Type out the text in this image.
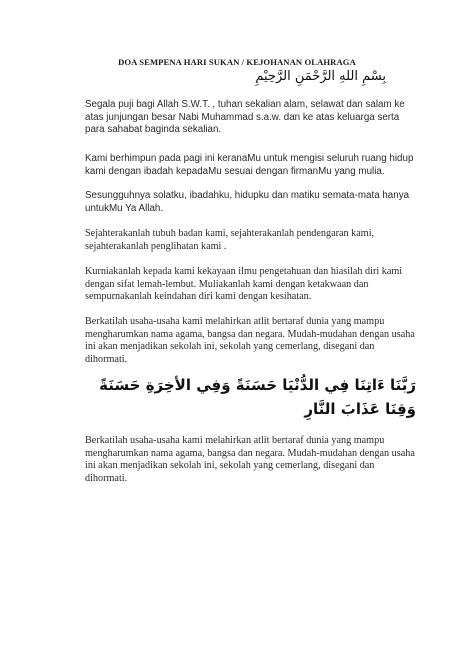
DOA SEMPENA HARI SUKAN / KEJOHANAN OLAHRAGA
بِسْمِ اللهِ الرَّحْمَنِ الرَّحِيْمِ

Segala puji bagi Allah S.W.T. , tuhan sekalian alam, selawat dan salam ke atas junjungan besar Nabi Muhammad s.a.w. dan ke atas keluarga serta para sahabat baginda sekalian.

Kami berhimpun pada pagi ini keranaMu untuk mengisi seluruh ruang hidup kami dengan ibadah kepadaMu sesuai dengan firmanMu yang mulia.

Sesungguhnya solatku, ibadahku, hidupku dan matiku semata-mata hanya untukMu Ya Allah.

Sejahterakanlah tubuh badan kami, sejahterakanlah pendengaran kami, sejahterakanlah penglihatan kami .

Kurniakanlah kepada kami kekayaan ilmu pengetahuan dan hiasilah diri kami dengan sifat lemah-lembut. Muliakanlah kami dengan ketakwaan dan sempurnakanlah keindahan diri kami dengan kesihatan.

Berkatilah usaha-usaha kami melahirkan atlit bertaraf dunia yang mampu mengharumkan nama agama, bangsa dan negara. Mudah-mudahan dengan usaha ini akan menjadikan sekolah ini, sekolah yang cemerlang, disegani dan dihormati.

رَبَّنَا ءَاتِنَا فِي الدُّنْيَا حَسَنَةً وَفِي الأخِرَةِ حَسَنَةً وَقِنَا عَذَابَ النَّارِ

Berkatilah usaha-usaha kami melahirkan atlit bertaraf dunia yang mampu mengharumkan nama agama, bangsa dan negara. Mudah-mudahan dengan usaha ini akan menjadikan sekolah ini, sekolah yang cemerlang, disegani dan dihormati.
